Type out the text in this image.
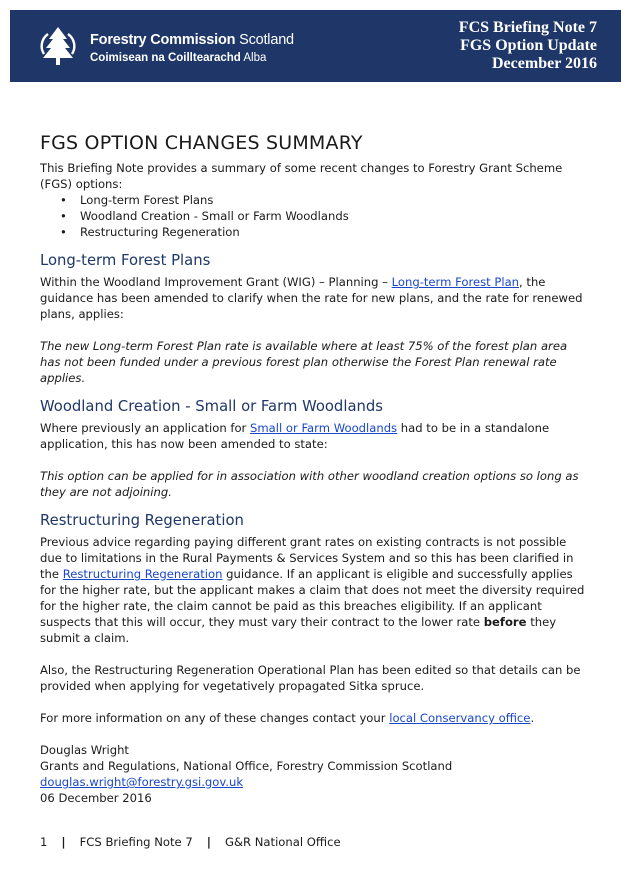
Forestry Commission Scotland
Coimisean na Coilltearachd Alba
FCS Briefing Note 7
FGS Option Update
December 2016
FGS OPTION CHANGES SUMMARY

This Briefing Note provides a summary of some recent changes to Forestry Grant Scheme (FGS) options:

• Long-term Forest Plans
• Woodland Creation - Small or Farm Woodlands
• Restructuring Regeneration
Long-term Forest Plans

Within the Woodland Improvement Grant (WIG) – Planning – Long-term Forest Plan, the guidance has been amended to clarify when the rate for new plans, and the rate for renewed plans, applies:

The new Long-term Forest Plan rate is available where at least 75% of the forest plan area has not been funded under a previous forest plan otherwise the Forest Plan renewal rate applies.

Woodland Creation - Small or Farm Woodlands

Where previously an application for Small or Farm Woodlands had to be in a standalone application, this has now been amended to state:

This option can be applied for in association with other woodland creation options so long as they are not adjoining.

Restructuring Regeneration

Previous advice regarding paying different grant rates on existing contracts is not possible due to limitations in the Rural Payments & Services System and so this has been clarified in the Restructuring Regeneration guidance. If an applicant is eligible and successfully applies for the higher rate, but the applicant makes a claim that does not meet the diversity required for the higher rate, the claim cannot be paid as this breaches eligibility. If an applicant suspects that this will occur, they must vary their contract to the lower rate before they submit a claim.

Also, the Restructuring Regeneration Operational Plan has been edited so that details can be provided when applying for vegetatively propagated Sitka spruce.

For more information on any of these changes contact your local Conservancy office.

Douglas Wright

Grants and Regulations, National Office, Forestry Commission Scotland

douglas.wright@forestry.gsi.gov.uk

06 December 2016

1 | FCS Briefing Note 7 | G&R National Office
